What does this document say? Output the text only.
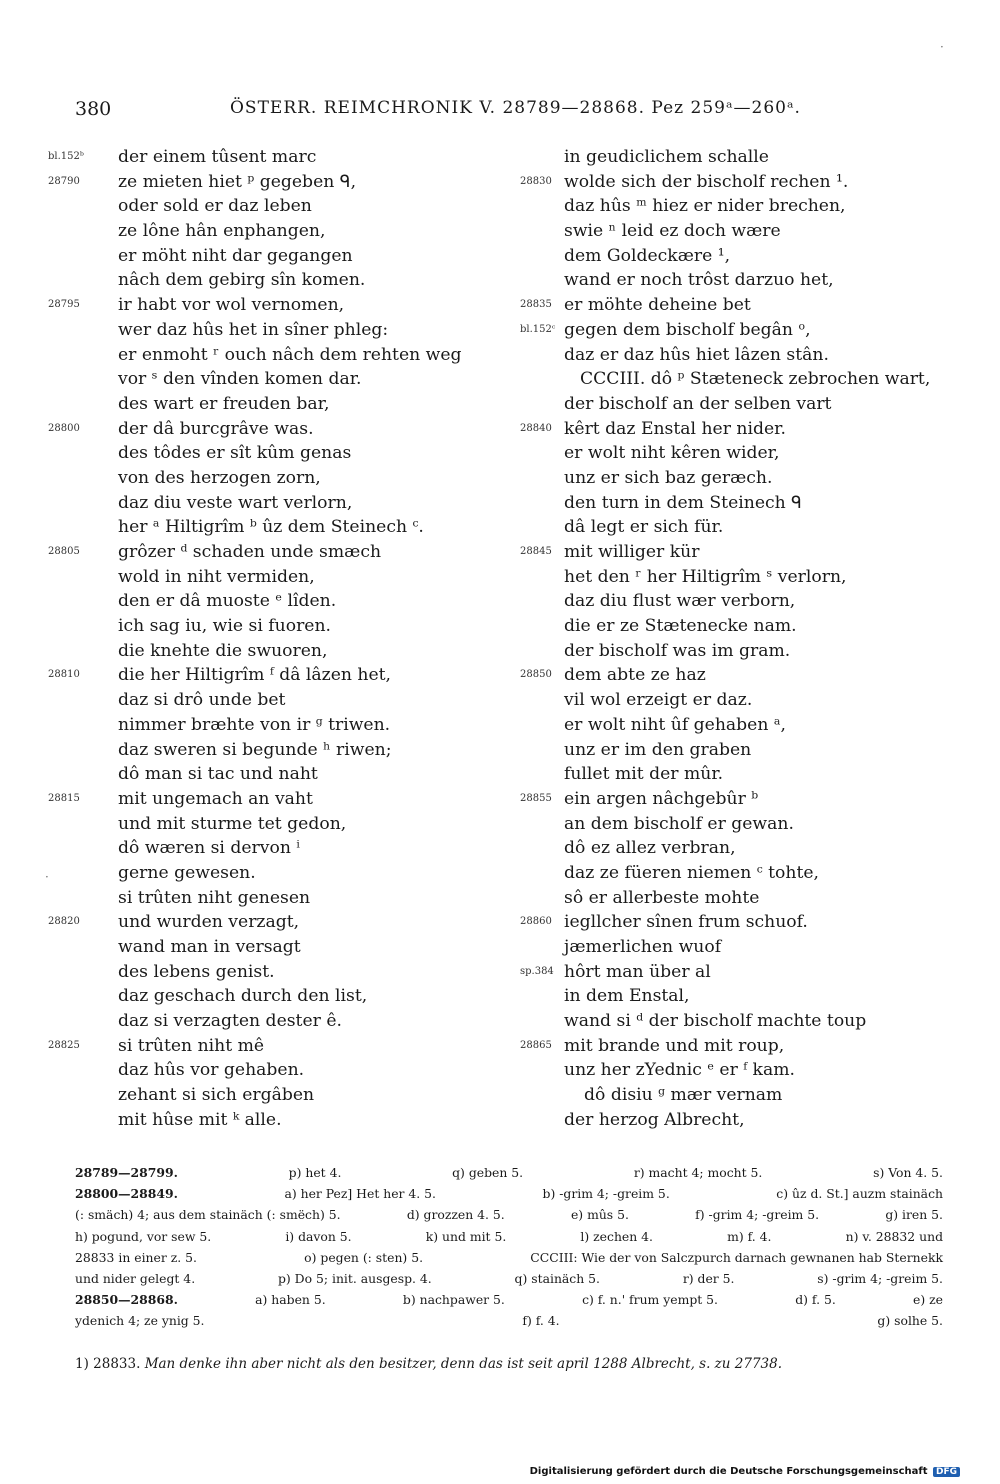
380	ÖSTERR. REIMCHRONIK V. 28789—28868. Pez 259ᵃ—260ᵃ.
bl.152ᵇ	der einem tûsent marc
28790	ze mieten hiet ᵖ gegeben ᑫ,
oder sold er daz leben
ze lône hân enphangen,
er möht niht dar gegangen
nâch dem gebirg sîn komen.
28795	ir habt vor wol vernomen,
wer daz hûs het in sîner phleg:
er enmoht ʳ ouch nâch dem rehten weg
vor ˢ den vînden komen dar.
des wart er freuden bar,
28800	der dâ burcgrâve was.
des tôdes er sît kûm genas
von des herzogen zorn,
daz diu veste wart verlorn,
her ᵃ Hiltigrîm ᵇ ûz dem Steinech ᶜ.
28805	grôzer ᵈ schaden unde smæch
wold in niht vermiden,
den er dâ muoste ᵉ lîden.
ich sag iu, wie si fuoren.
die knehte die swuoren,
28810	die her Hiltigrîm ᶠ dâ lâzen het,
daz si drô unde bet
nimmer bræhte von ir ᵍ triwen.
daz sweren si begunde ʰ riwen;
dô man si tac und naht
28815	mit ungemach an vaht
und mit sturme tet gedon,
dô wæren si dervon ⁱ
gerne gewesen.
si trûten niht genesen
28820	und wurden verzagt,
wand man in versagt
des lebens genist.
daz geschach durch den list,
daz si verzagten dester ê.
28825	si trûten niht mê
daz hûs vor gehaben.
zehant si sich ergâben
mit hûse mit ᵏ alle.
in geudiclichem schalle
28830 wolde sich der bischolf rechen ¹.
daz hûs ᵐ hiez er nider brechen,
swie ⁿ leid ez doch wære
dem Goldeckære ¹,
wand er noch trôst darzuo het,
28835 er möhte deheine bet
bl.152ᶜ gegen dem bischolf begân ᵒ,
daz er daz hûs hiet lâzen stân.
CCCIII. dô ᵖ Stæteneck zebrochen wart,
der bischolf an der selben vart
28840 kêrt daz Enstal her nider.
er wolt niht kêren wider,
unz er sich baz geræch.
den turn in dem Steinech ᑫ
dâ legt er sich für.
28845 mit williger kür
het den ʳ her Hiltigrîm ˢ verlorn,
daz diu flust wær verborn,
die er ze Stæteneckе nam.
der bischolf was im gram.
28850 dem abte ze haz
vil wol erzeigt er daz.
er wolt niht ûf gehaben ᵃ,
unz er im den graben
fullet mit der mûr.
28855 ein argen nâchgebûr ᵇ
an dem bischolf er gewan.
dô ez allez verbran,
daz ze füeren niemen ᶜ tohte,
sô er allerbeste mohte
28860 iegllcher sînen frum schuof.
jæmerlichen wuof
sp.384 hôrt man über al
in dem Enstal,
wand si ᵈ der bischolf machte toup
28865 mit brande und mit roup,
unz her zYednic ᵉ er ᶠ kam.
dô disiu ᵍ mær vernam
der herzog Albrecht,
28789—28799.	p) het 4.	q) geben 5.	r) macht 4; mocht 5.	s) Von 4. 5.
28800—28849.	a) her Pez] Het her 4. 5.	b) -grim 4; -greim 5.	c) ûz d. St.] auzm stainäch
(: smäch) 4; aus dem stainäch (: smëch) 5.	d) grozzen 4. 5.	e) mûs 5.	f) -grim 4; -greim 5.	g) iren 5.
h) pogund, vor sew 5.	i) davon 5.	k) und mit 5.	l) zechen 4.	m) f. 4.	n) v. 28832 und
28833 in einer z. 5.	o) pegen (: sten) 5.	CCCIII: Wie der von Salczpurch darnach gewnanen hab Sternekk
und nider gelegt 4.	p) Do 5; init. ausgesp. 4.	q) stainäch 5.	r) der 5.	s) -grim 4; -greim 5.
28850—28868.	a) haben 5.	b) nachpawer 5.	c) f. n.' frum yempt 5.	d) f. 5.	e) ze
ydenich 4; ze ynig 5.	f) f. 4.	g) solhe 5.
1) 28833. Man denke ihn aber nicht als den besitzer, denn das ist seit april 1288 Albrecht, s. zu 27738.
·
·
Digitalisierung gefördert durch die Deutsche Forschungsgemeinschaft DFG
